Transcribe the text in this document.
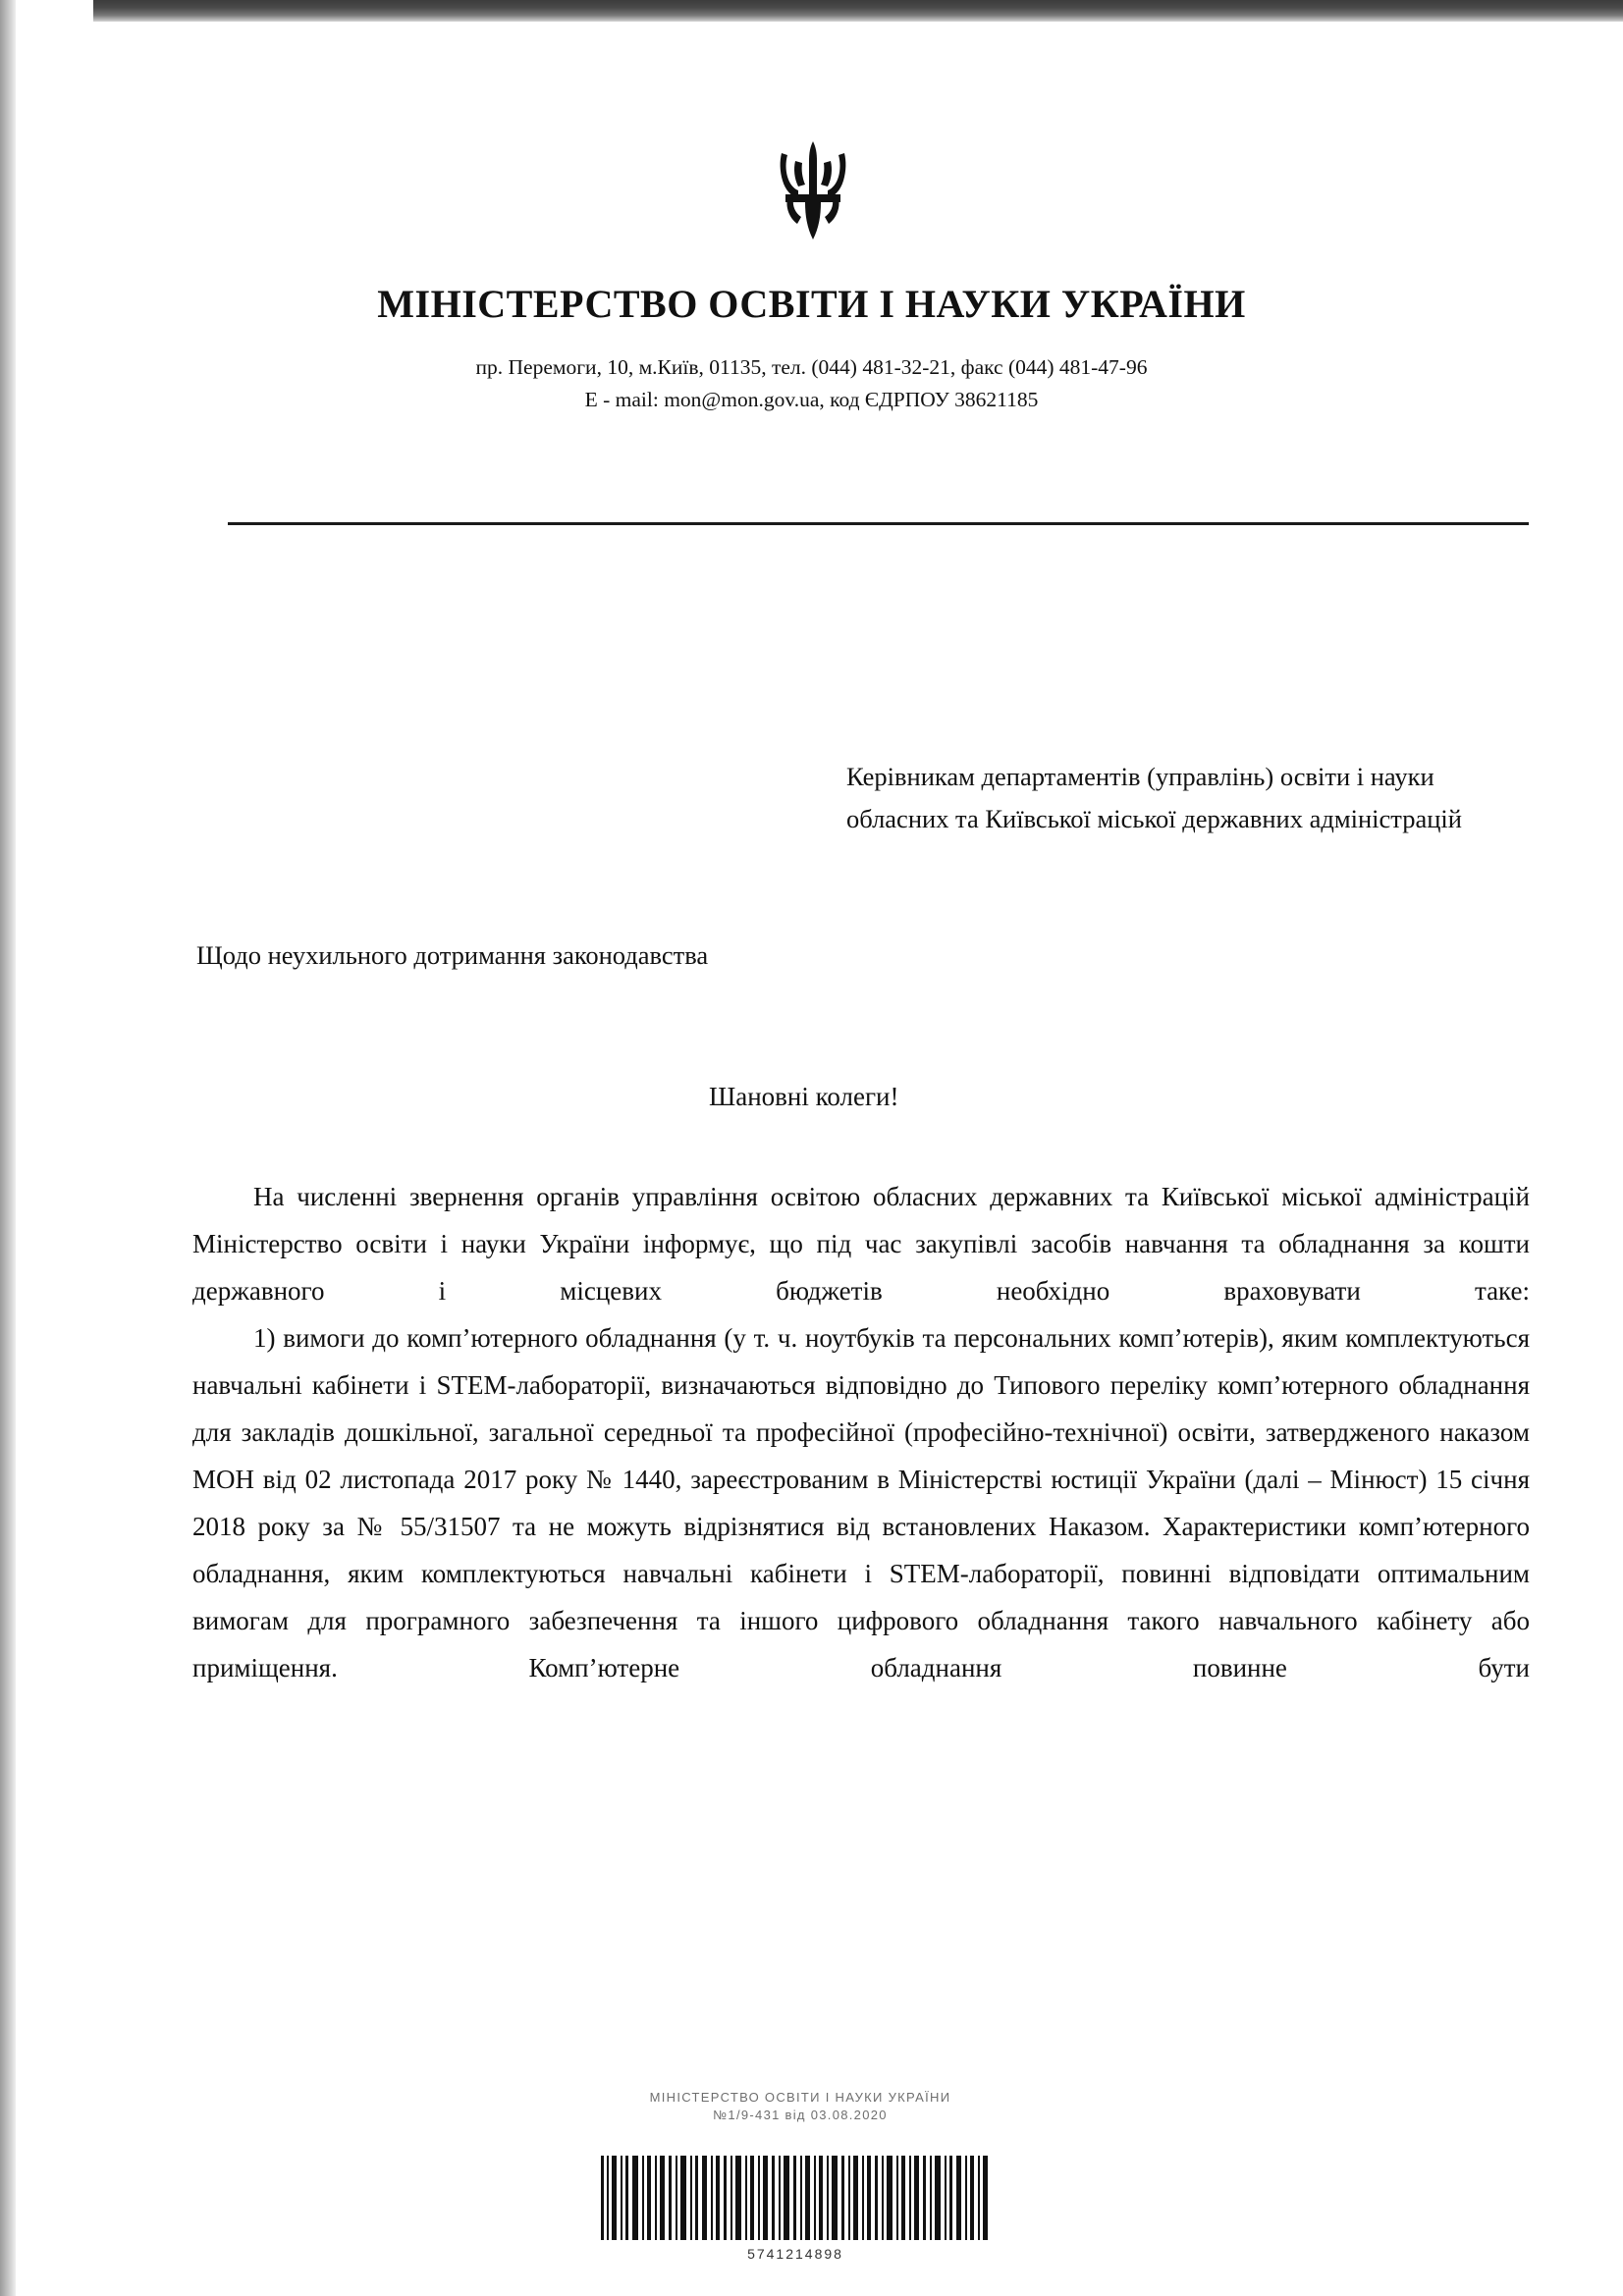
МІНІСТЕРСТВО ОСВІТИ І НАУКИ УКРАЇНИ
пр. Перемоги, 10, м.Київ, 01135, тел. (044) 481-32-21, факс (044) 481-47-96
E - mail: mon@mon.gov.ua, код ЄДРПОУ 38621185
Керівникам департаментів (управлінь) освіти і науки обласних та Київської міської державних адміністрацій
Щодо неухильного дотримання законодавства
Шановні колеги!

На численні звернення органів управління освітою обласних державних та Київської міської адміністрацій Міністерство освіти і науки України інформує, що під час закупівлі засобів навчання та обладнання за кошти державного і місцевих бюджетів необхідно враховувати таке:

1) вимоги до комп’ютерного обладнання (у т. ч. ноутбуків та персональних комп’ютерів), яким комплектуються навчальні кабінети і STEM-лабораторії, визначаються відповідно до Типового переліку комп’ютерного обладнання для закладів дошкільної, загальної середньої та професійної (професійно-технічної) освіти, затвердженого наказом МОН від 02 листопада 2017 року № 1440, зареєстрованим в Міністерстві юстиції України (далі – Мінюст) 15 січня 2018 року за № 55/31507 та не можуть відрізнятися від встановлених Наказом. Характеристики комп’ютерного обладнання, яким комплектуються навчальні кабінети і STEM-лабораторії, повинні відповідати оптимальним вимогам для програмного забезпечення та іншого цифрового обладнання такого навчального кабінету або приміщення. Комп’ютерне обладнання повинне бути

МІНІСТЕРСТВО ОСВІТИ І НАУКИ УКРАЇНИ
№1/9-431 від 03.08.2020
5741214898
